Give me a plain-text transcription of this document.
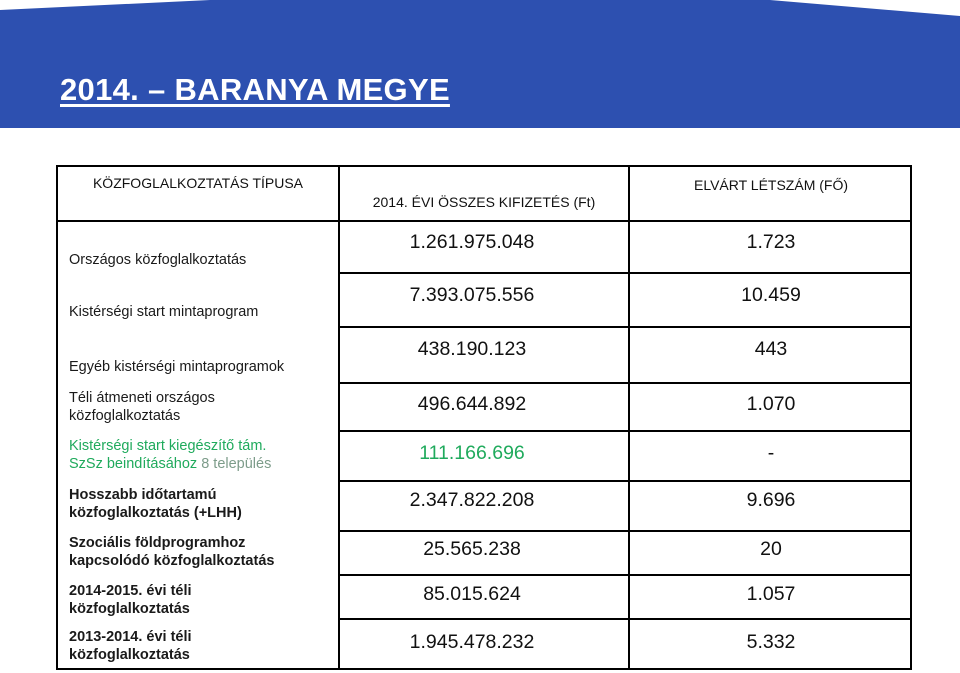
2014. – BARANYA MEGYE
KÖZFOGLALKOZTATÁS TÍPUSA
2014. ÉVI ÖSSZES KIFIZETÉS (Ft)
ELVÁRT LÉTSZÁM (FŐ)
Országos közfoglalkoztatás
Kistérségi start mintaprogram
Egyéb kistérségi mintaprogramok
Téli átmeneti országos közfoglalkoztatás
Kistérségi start kiegészítő tám.
SzSz beindításához 8 település
Hosszabb időtartamú közfoglalkoztatás (+LHH)
Szociális földprogramhoz kapcsolódó közfoglalkoztatás
2014-2015. évi téli közfoglalkoztatás
2013-2014. évi téli közfoglalkoztatás
1.261.975.048
7.393.075.556
438.190.123
496.644.892
111.166.696
2.347.822.208
25.565.238
85.015.624
1.945.478.232
1.723
10.459
443
1.070
-
9.696
20
1.057
5.332
